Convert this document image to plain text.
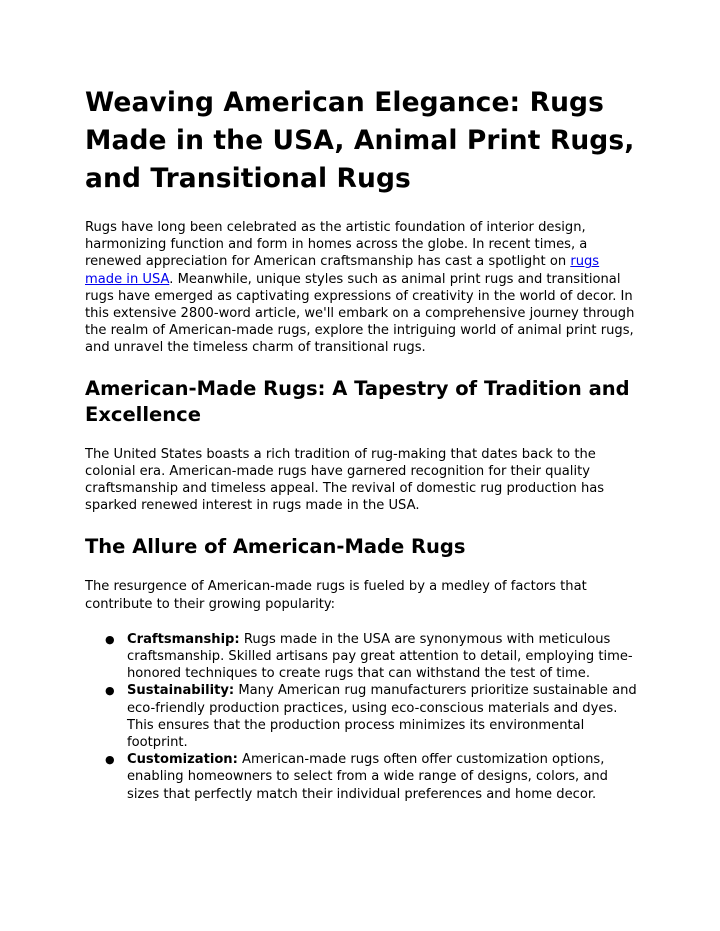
Weaving American Elegance: Rugs Made in the USA, Animal Print Rugs, and Transitional Rugs

Rugs have long been celebrated as the artistic foundation of interior design, harmonizing function and form in homes across the globe. In recent times, a renewed appreciation for American craftsmanship has cast a spotlight on rugs made in USA. Meanwhile, unique styles such as animal print rugs and transitional rugs have emerged as captivating expressions of creativity in the world of decor. In this extensive 2800-word article, we'll embark on a comprehensive journey through the realm of American-made rugs, explore the intriguing world of animal print rugs, and unravel the timeless charm of transitional rugs.

American-Made Rugs: A Tapestry of Tradition and Excellence

The United States boasts a rich tradition of rug-making that dates back to the colonial era. American-made rugs have garnered recognition for their quality craftsmanship and timeless appeal. The revival of domestic rug production has sparked renewed interest in rugs made in the USA.

The Allure of American-Made Rugs

The resurgence of American-made rugs is fueled by a medley of factors that contribute to their growing popularity:

● Craftsmanship: Rugs made in the USA are synonymous with meticulous craftsmanship. Skilled artisans pay great attention to detail, employing time-honored techniques to create rugs that can withstand the test of time.
● Sustainability: Many American rug manufacturers prioritize sustainable and eco-friendly production practices, using eco-conscious materials and dyes. This ensures that the production process minimizes its environmental footprint.
● Customization: American-made rugs often offer customization options, enabling homeowners to select from a wide range of designs, colors, and sizes that perfectly match their individual preferences and home decor.
